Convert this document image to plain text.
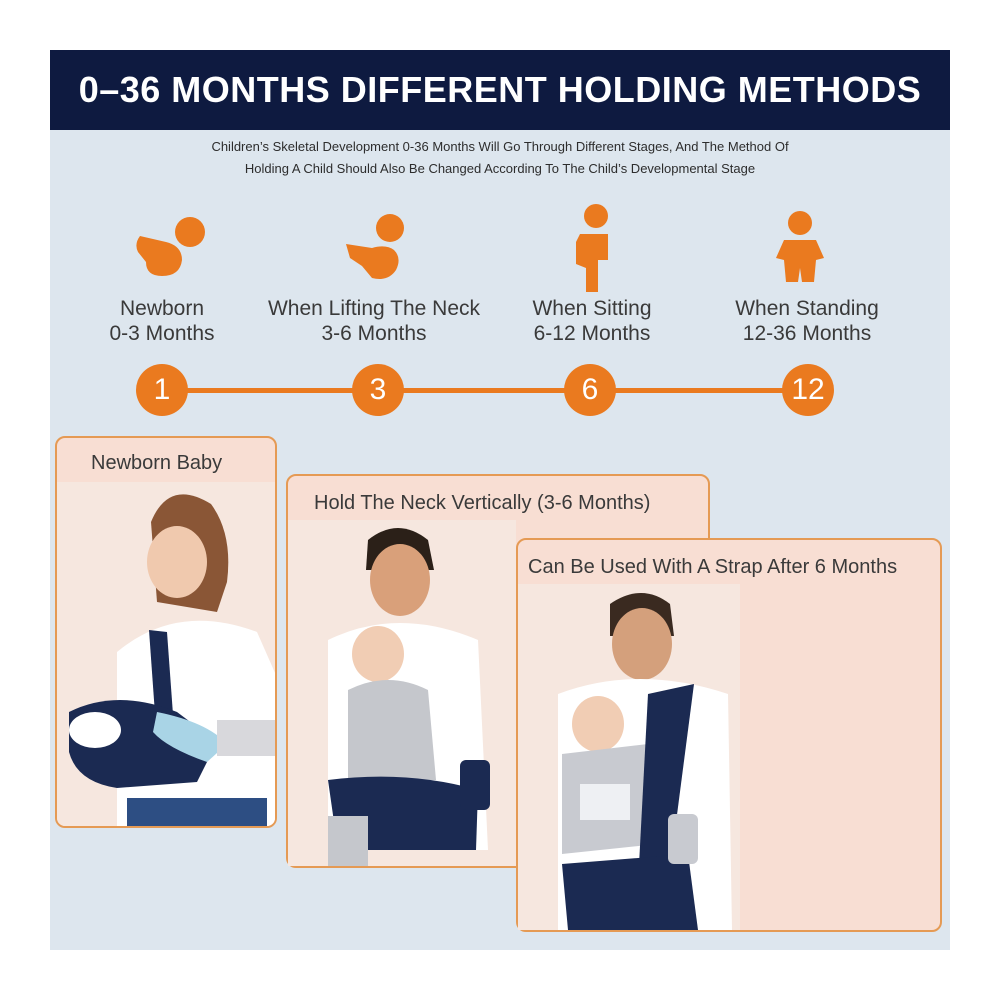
0–36 MONTHS DIFFERENT HOLDING METHODS
Children’s Skeletal Development 0-36 Months Will Go Through Different Stages, And The Method Of
Holding A Child Should Also Be Changed According To The Child’s Developmental Stage
Newborn
0-3 Months
When Lifting The Neck
3-6 Months
When Sitting
6-12 Months
When Standing
12-36 Months
1	3	6	12
Newborn Baby
Hold The Neck Vertically (3-6 Months)
Can Be Used With A Strap After 6 Months
